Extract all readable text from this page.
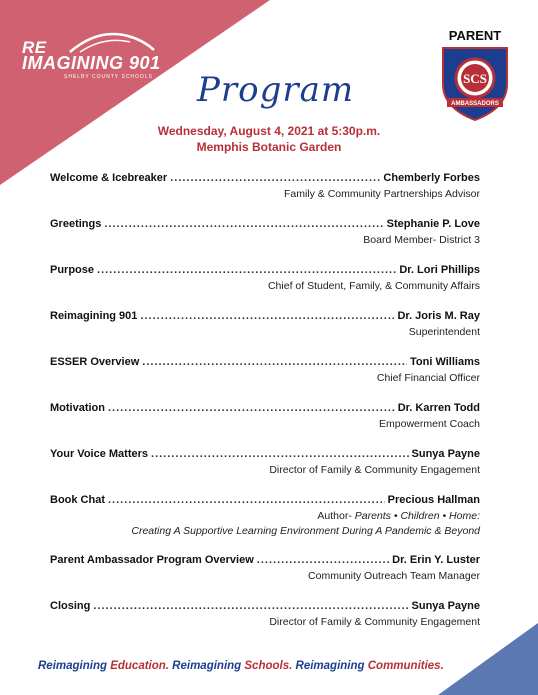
RE
IMAGINING 901
SHELBY COUNTY SCHOOLS
PARENT
SCS
AMBASSADORS
Program
Wednesday, August 4, 2021 at 5:30p.m.
Memphis Botanic Garden
Welcome & Icebreaker .....	Chemberly Forbes
Family & Community Partnerships Advisor
Greetings .....	Stephanie P. Love
Board Member- District 3
Purpose .....	Dr. Lori Phillips
Chief of Student, Family, & Community Affairs
Reimagining 901 .....	Dr. Joris M. Ray
Superintendent
ESSER Overview .....	Toni Williams
Chief Financial Officer
Motivation .....	Dr. Karren Todd
Empowerment Coach
Your Voice Matters .....	Sunya Payne
Director of Family & Community Engagement
Book Chat .....	Precious Hallman
Author- Parents • Children • Home:
Creating A Supportive Learning Environment During A Pandemic & Beyond
Parent Ambassador Program Overview .....	Dr. Erin Y. Luster
Community Outreach Team Manager
Closing .....	Sunya Payne
Director of Family & Community Engagement
Reimagining Education. Reimagining Schools. Reimagining Communities.
